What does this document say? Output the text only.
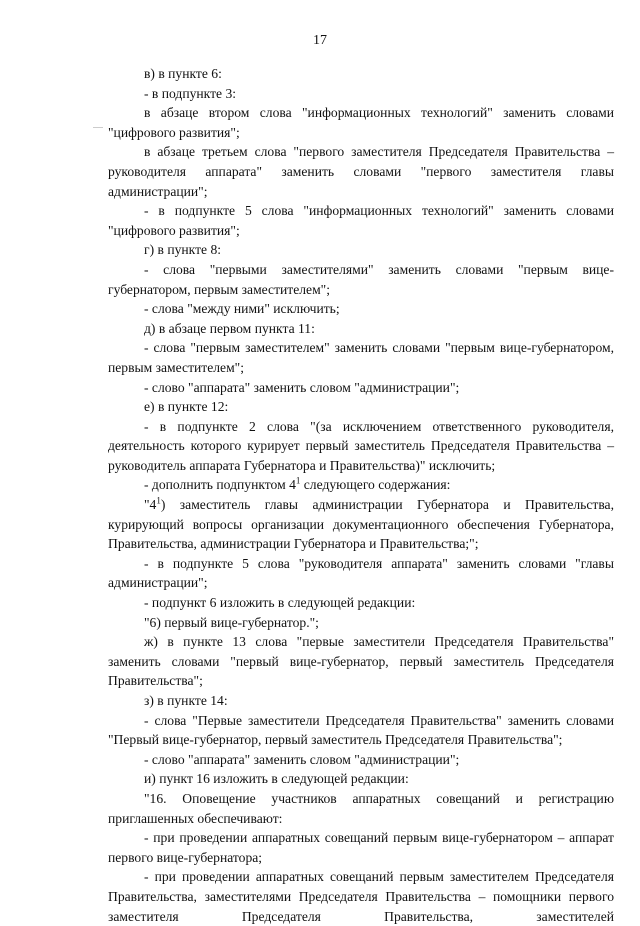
17

в) в пункте 6:

- в подпункте 3:

в абзаце втором слова "информационных технологий" заменить словами "цифрового развития";

в абзаце третьем слова "первого заместителя Председателя Правительства – руководителя аппарата" заменить словами "первого заместителя главы администрации";

- в подпункте 5 слова "информационных технологий" заменить словами "цифрового развития";

г) в пункте 8:

- слова "первыми заместителями" заменить словами "первым вице-губернатором, первым заместителем";

- слова "между ними" исключить;

д) в абзаце первом пункта 11:

- слова "первым заместителем" заменить словами "первым вице-губернатором, первым заместителем";

- слово "аппарата" заменить словом "администрации";

е) в пункте 12:

- в подпункте 2 слова "(за исключением ответственного руководителя, деятельность которого курирует первый заместитель Председателя Правительства – руководитель аппарата Губернатора и Правительства)" исключить;

- дополнить подпунктом $4^1$ следующего содержания:

"$4^1$) заместитель главы администрации Губернатора и Правительства, курирующий вопросы организации документационного обеспечения Губернатора, Правительства, администрации Губернатора и Правительства;";

- в подпункте 5 слова "руководителя аппарата" заменить словами "главы администрации";

- подпункт 6 изложить в следующей редакции:

"6) первый вице-губернатор.";

ж) в пункте 13 слова "первые заместители Председателя Правительства" заменить словами "первый вице-губернатор, первый заместитель Председателя Правительства";

з) в пункте 14:

- слова "Первые заместители Председателя Правительства" заменить словами "Первый вице-губернатор, первый заместитель Председателя Правительства";

- слово "аппарата" заменить словом "администрации";

и) пункт 16 изложить в следующей редакции:

"16. Оповещение участников аппаратных совещаний и регистрацию приглашенных обеспечивают:

- при проведении аппаратных совещаний первым вице-губернатором – аппарат первого вице-губернатора;

- при проведении аппаратных совещаний первым заместителем Председателя Правительства, заместителями Председателя Правительства – помощники первого заместителя Председателя Правительства, заместителей
